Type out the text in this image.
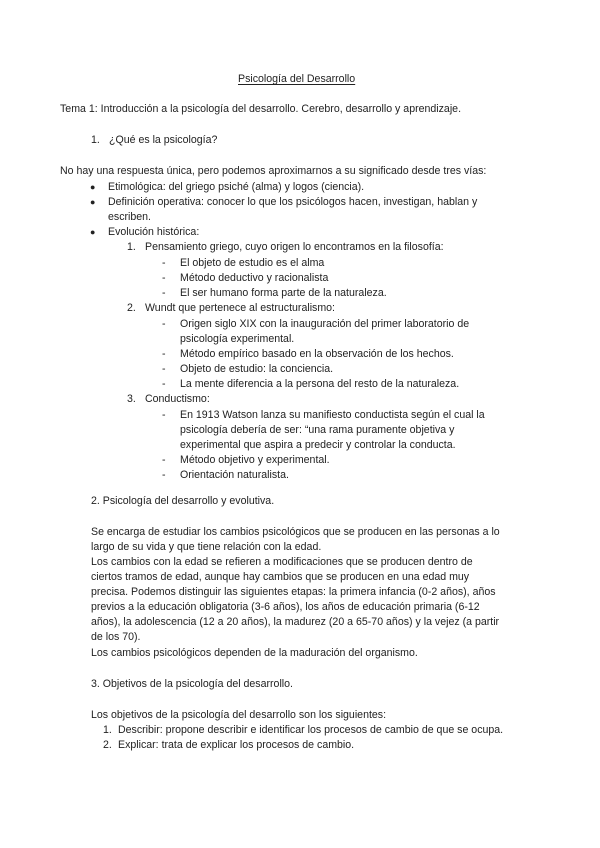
Psicología del Desarrollo
Tema 1: Introducción a la psicología del desarrollo. Cerebro, desarrollo y aprendizaje.
1. ¿Qué es la psicología?
No hay una respuesta única, pero podemos aproximarnos a su significado desde tres vías:
● Etimológica: del griego psiché (alma) y logos (ciencia).
● Definición operativa: conocer lo que los psicólogos hacen, investigan, hablan y
escriben.
● Evolución histórica:
1. Pensamiento griego, cuyo origen lo encontramos en la filosofía:
- El objeto de estudio es el alma
- Método deductivo y racionalista
- El ser humano forma parte de la naturaleza.
2. Wundt que pertenece al estructuralismo:
- Origen siglo XIX con la inauguración del primer laboratorio de
psicología experimental.
- Método empírico basado en la observación de los hechos.
- Objeto de estudio: la conciencia.
- La mente diferencia a la persona del resto de la naturaleza.
3. Conductismo:
- En 1913 Watson lanza su manifiesto conductista según el cual la
psicología debería de ser: “una rama puramente objetiva y
experimental que aspira a predecir y controlar la conducta.
- Método objetivo y experimental.
- Orientación naturalista.
2. Psicología del desarrollo y evolutiva.
Se encarga de estudiar los cambios psicológicos que se producen en las personas a lo
largo de su vida y que tiene relación con la edad.
Los cambios con la edad se refieren a modificaciones que se producen dentro de
ciertos tramos de edad, aunque hay cambios que se producen en una edad muy
precisa. Podemos distinguir las siguientes etapas: la primera infancia (0-2 años), años
previos a la educación obligatoria (3-6 años), los años de educación primaria (6-12
años), la adolescencia (12 a 20 años), la madurez (20 a 65-70 años) y la vejez (a partir
de los 70).
Los cambios psicológicos dependen de la maduración del organismo.
3. Objetivos de la psicología del desarrollo.
Los objetivos de la psicología del desarrollo son los siguientes:
1. Describir: propone describir e identificar los procesos de cambio de que se ocupa.
2. Explicar: trata de explicar los procesos de cambio.
